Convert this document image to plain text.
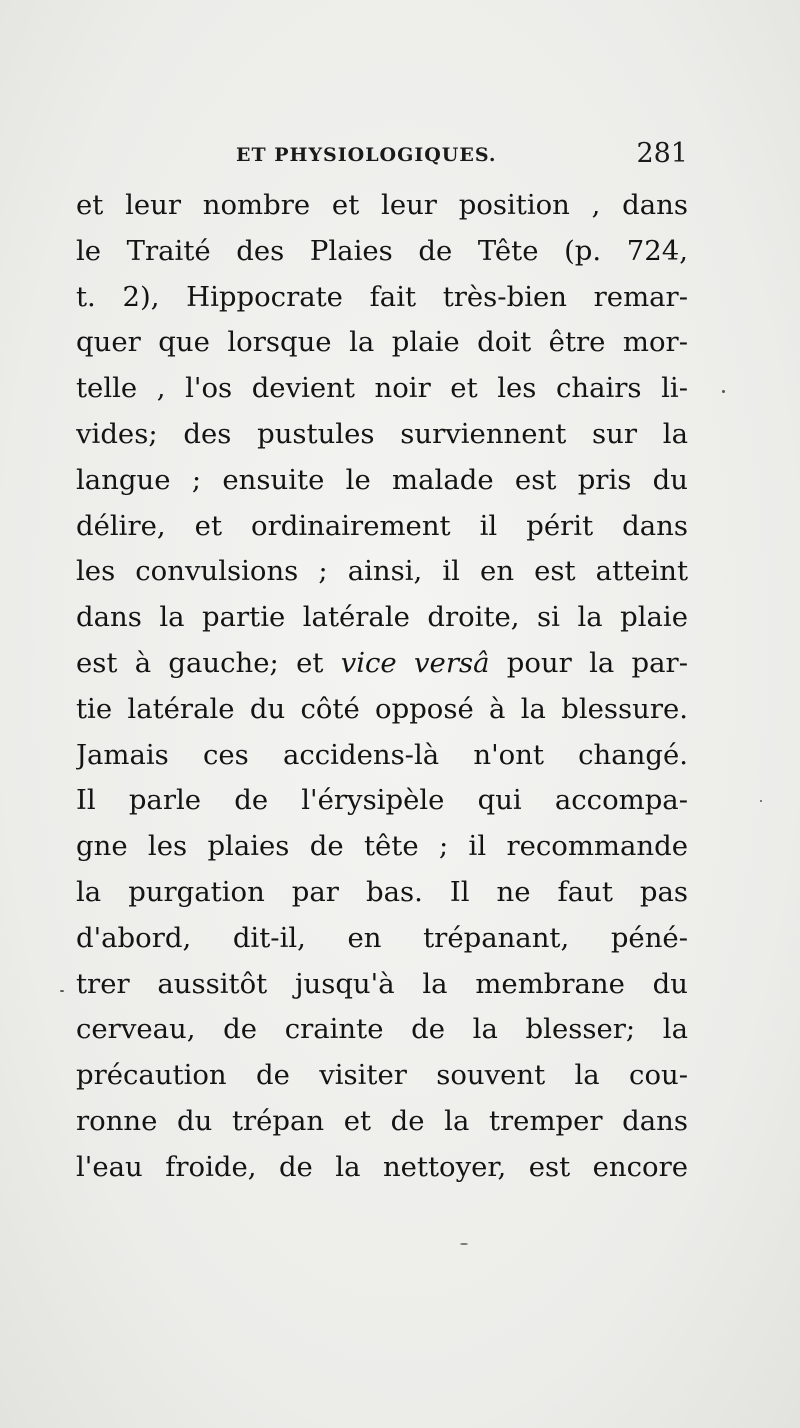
ET PHYSIOLOGIQUES.	281
et leur nombre et leur position , dans
le Traité des Plaies de Tête (p. 724,
t. 2), Hippocrate fait très-bien remar-
quer que lorsque la plaie doit être mor-
telle , l'os devient noir et les chairs li-
vides; des pustules surviennent sur la
langue ; ensuite le malade est pris du
délire, et ordinairement il périt dans
les convulsions ; ainsi, il en est atteint
dans la partie latérale droite, si la plaie
est à gauche; et vice versâ pour la par-
tie latérale du côté opposé à la blessure.
Jamais ces accidens-là n'ont changé.
Il parle de l'érysipèle qui accompa-
gne les plaies de tête ; il recommande
la purgation par bas. Il ne faut pas
d'abord, dit-il, en trépanant, péné-
trer aussitôt jusqu'à la membrane du
cerveau, de crainte de la blesser; la
précaution de visiter souvent la cou-
ronne du trépan et de la tremper dans
l'eau froide, de la nettoyer, est encore
